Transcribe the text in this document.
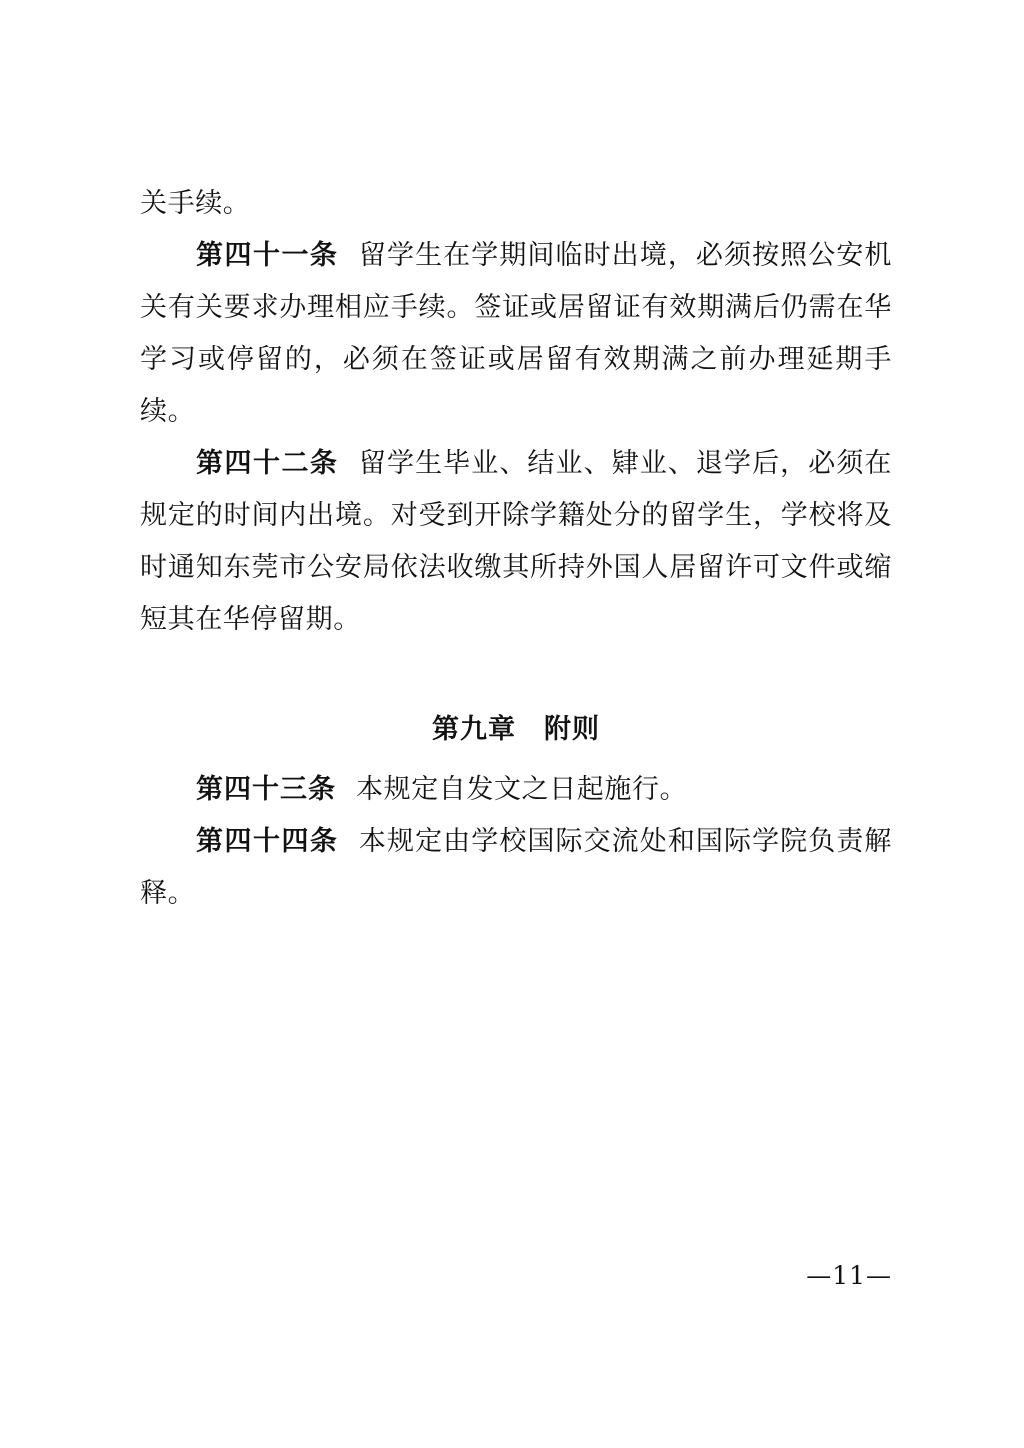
关手续。

第四十一条 留学生在学期间临时出境，必须按照公安机关有关要求办理相应手续。签证或居留证有效期满后仍需在华学习或停留的，必须在签证或居留有效期满之前办理延期手续。

第四十二条 留学生毕业、结业、肄业、退学后，必须在规定的时间内出境。对受到开除学籍处分的留学生，学校将及时通知东莞市公安局依法收缴其所持外国人居留许可文件或缩短其在华停留期。

第九章　附则

第四十三条 本规定自发文之日起施行。

第四十四条 本规定由学校国际交流处和国际学院负责解释。

—11—
